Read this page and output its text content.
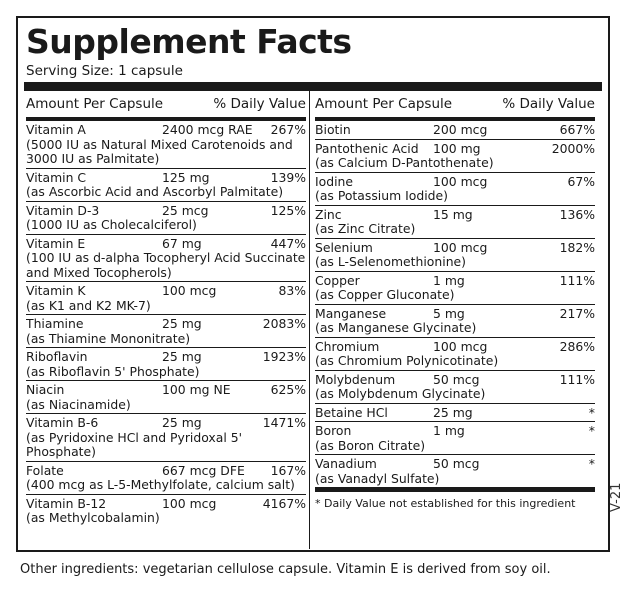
Supplement Facts
Serving Size: 1 capsule
Amount Per Capsule	% Daily Value
Vitamin A	2400 mcg RAE	267%
(5000 IU as Natural Mixed Carotenoids and 3000 IU as Palmitate)
Vitamin C	125 mg	139%
(as Ascorbic Acid and Ascorbyl Palmitate)
Vitamin D-3	25 mcg	125%
(1000 IU as Cholecalciferol)
Vitamin E	67 mg	447%
(100 IU as d-alpha Tocopheryl Acid Succinate and Mixed Tocopherols)
Vitamin K	100 mcg	83%
(as K1 and K2 MK-7)
Thiamine	25 mg	2083%
(as Thiamine Mononitrate)
Riboflavin	25 mg	1923%
(as Riboflavin 5' Phosphate)
Niacin	100 mg NE	625%
(as Niacinamide)
Vitamin B-6	25 mg	1471%
(as Pyridoxine HCl and Pyridoxal 5' Phosphate)
Folate	667 mcg DFE	167%
(400 mcg as L-5-Methylfolate, calcium salt)
Vitamin B-12	100 mcg	4167%
(as Methylcobalamin)
Amount Per Capsule	% Daily Value
Biotin	200 mcg	667%
Pantothenic Acid	100 mg	2000%
(as Calcium D-Pantothenate)
Iodine	100 mcg	67%
(as Potassium Iodide)
Zinc	15 mg	136%
(as Zinc Citrate)
Selenium	100 mcg	182%
(as L-Selenomethionine)
Copper	1 mg	111%
(as Copper Gluconate)
Manganese	5 mg	217%
(as Manganese Glycinate)
Chromium	100 mcg	286%
(as Chromium Polynicotinate)
Molybdenum	50 mcg	111%
(as Molybdenum Glycinate)
Betaine HCl	25 mg	*
Boron	1 mg	*
(as Boron Citrate)
Vanadium	50 mcg	*
(as Vanadyl Sulfate)
* Daily Value not established for this ingredient	V-21
Other ingredients: vegetarian cellulose capsule. Vitamin E is derived from soy oil.
